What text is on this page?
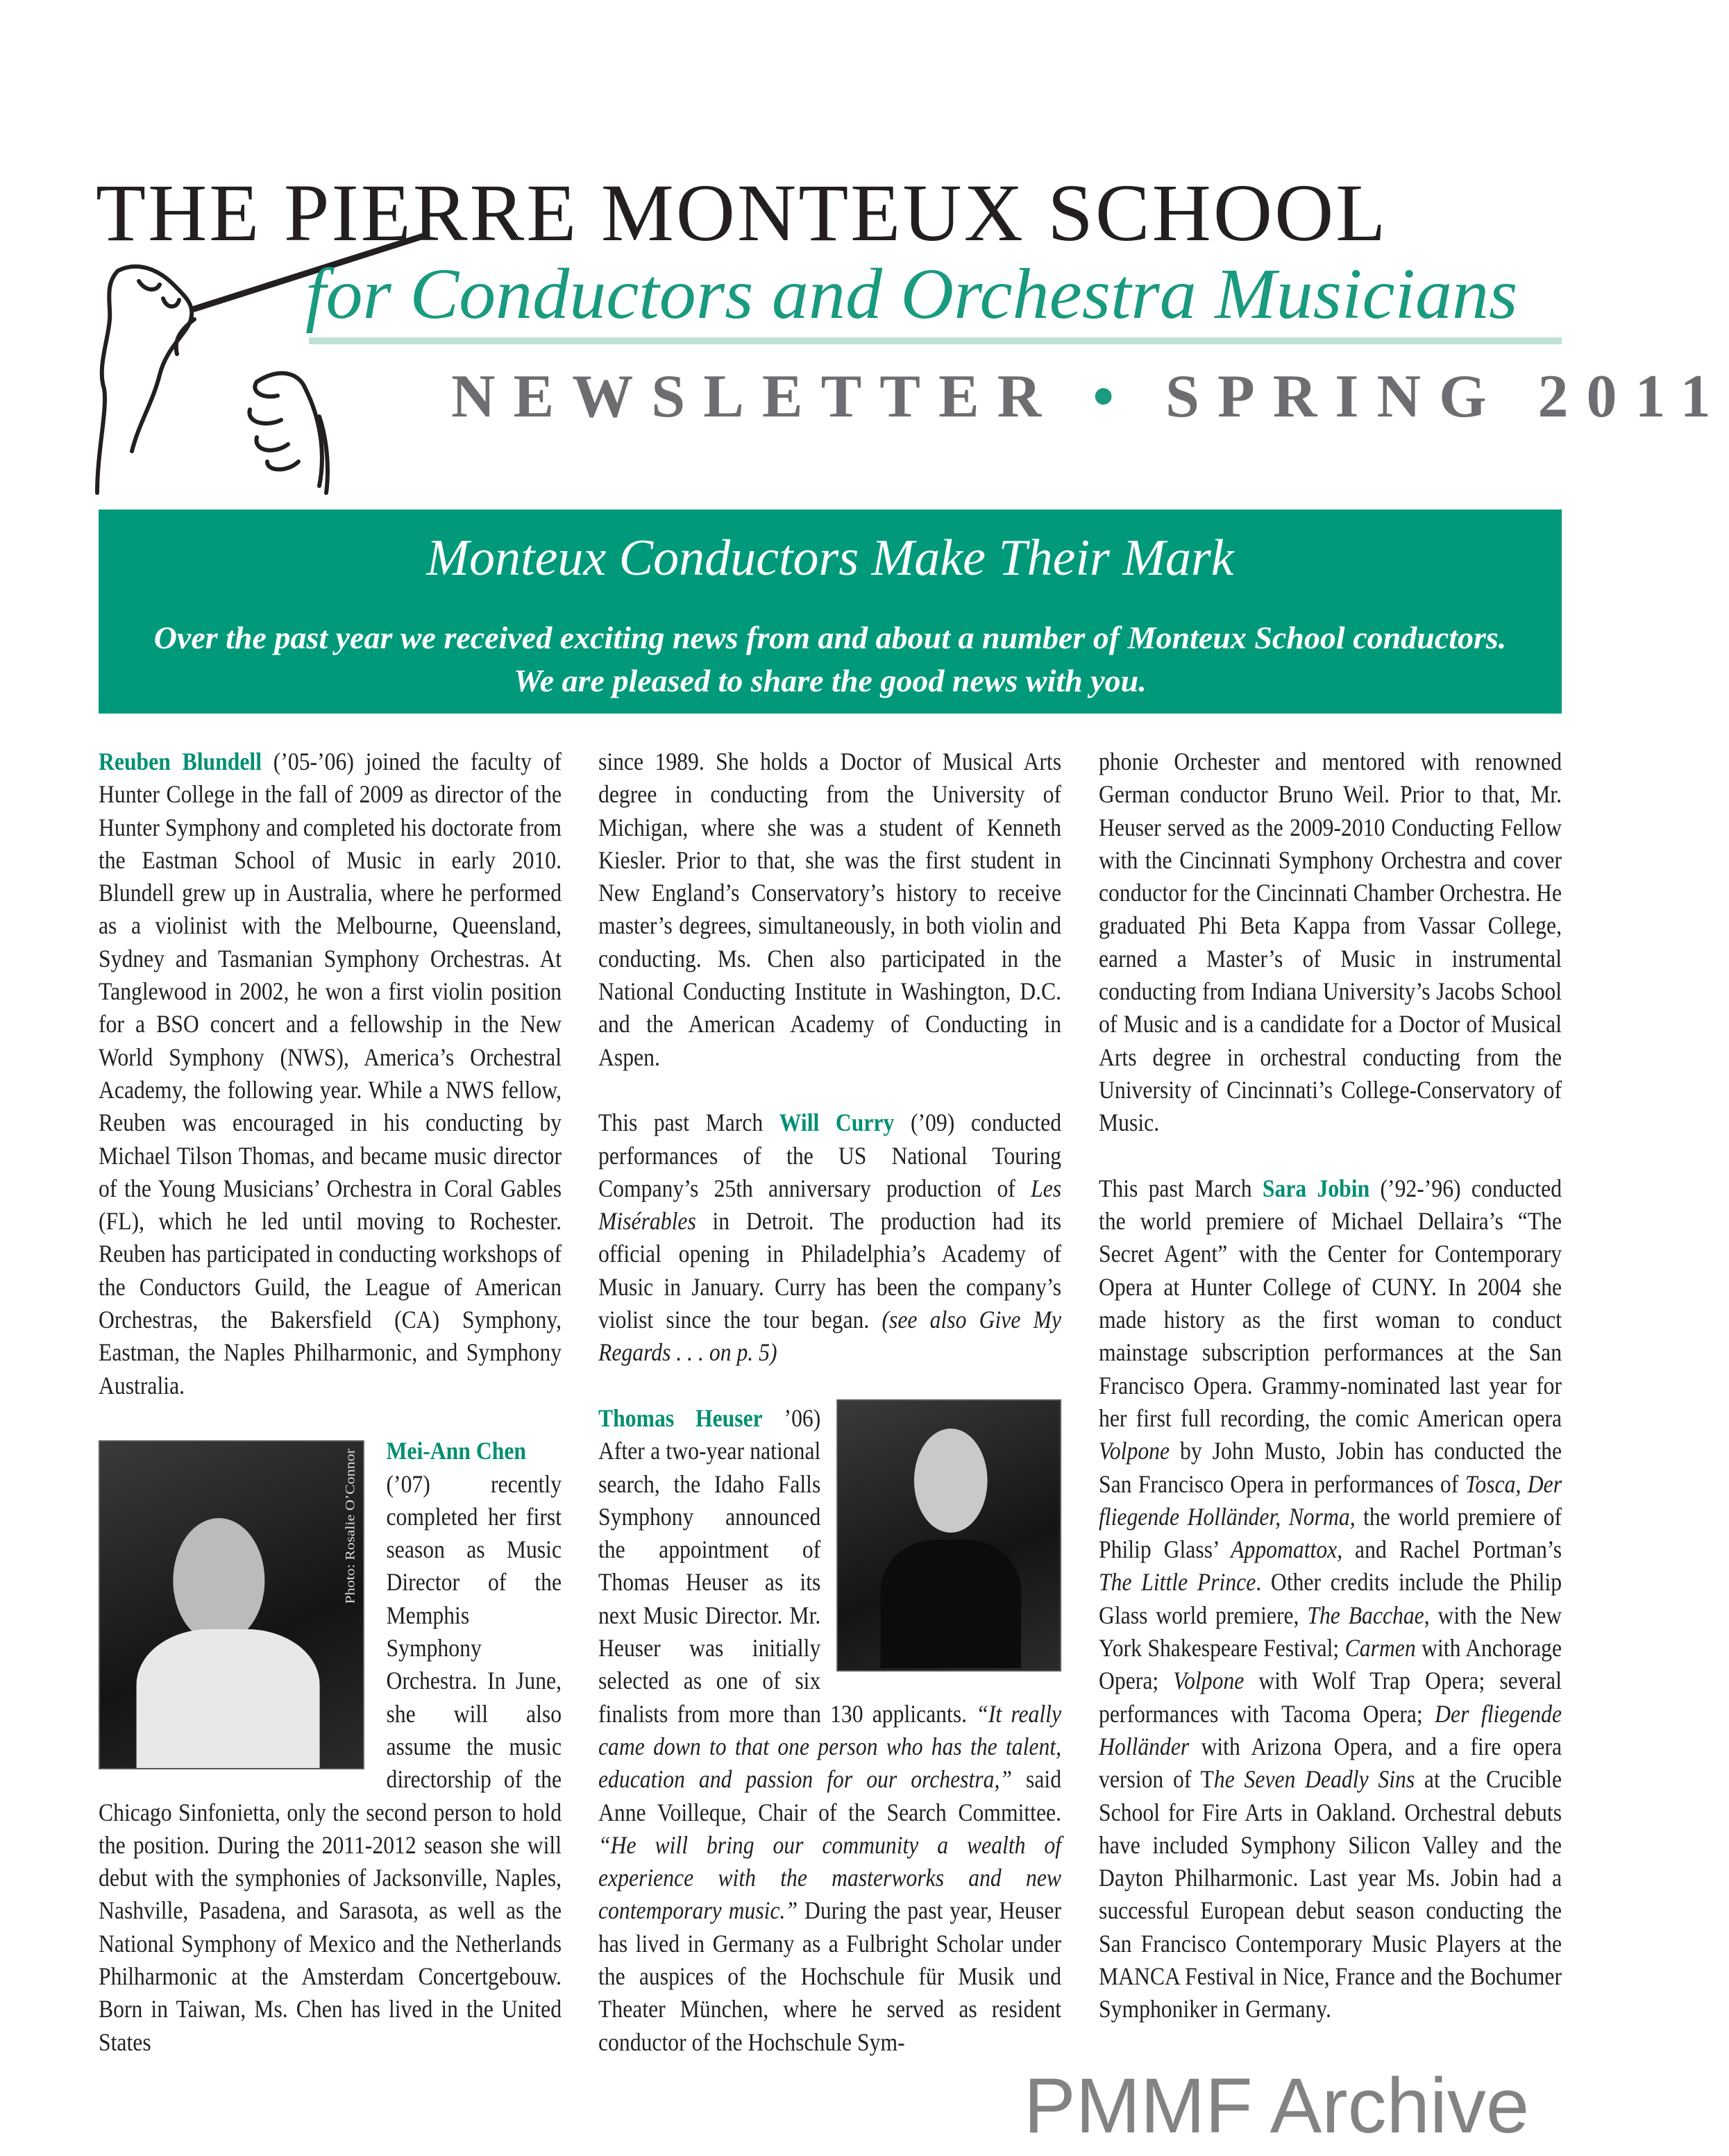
THE PIERRE MONTEUX SCHOOL
for Conductors and Orchestra Musicians
NEWSLETTER • SPRING 2011
Monteux Conductors Make Their Mark
Over the past year we received exciting news from and about a number of Monteux School conductors.
We are pleased to share the good news with you.

Reuben Blundell (’05-’06) joined the faculty of Hunter College in the fall of 2009 as director of the Hunter Symphony and completed his doctorate from the Eastman School of Music in early 2010. Blundell grew up in Australia, where he performed as a violinist with the Melbourne, Queensland, Sydney and Tasmanian Symphony Orchestras. At Tanglewood in 2002, he won a first violin position for a BSO concert and a fellowship in the New World Symphony (NWS), America’s Orchestral Academy, the following year. While a NWS fellow, Reuben was encouraged in his conducting by Michael Tilson Thomas, and became music director of the Young Musicians’ Orchestra in Coral Gables (FL), which he led until moving to Rochester. Reuben has participated in conducting workshops of the Conductors Guild, the League of American Orchestras, the Bakersfield (CA) Symphony, Eastman, the Naples Philharmonic, and Symphony Australia.

Photo: Rosalie O’Connor Mei-Ann Chen
(’07) recently completed her first season as Music Director of the Memphis Symphony Orchestra. In June, she will also assume the music directorship of the Chicago Sinfonietta, only the second person to hold the position. During the 2011-2012 season she will debut with the symphonies of Jacksonville, Naples, Nashville, Pasadena, and Sarasota, as well as the National Symphony of Mexico and the Netherlands Philharmonic at the Amsterdam Concertgebouw. Born in Taiwan, Ms. Chen has lived in the United States

since 1989. She holds a Doctor of Musical Arts degree in conducting from the University of Michigan, where she was a student of Kenneth Kiesler. Prior to that, she was the first student in New England’s Conservatory’s history to receive master’s degrees, simultaneously, in both violin and conducting. Ms. Chen also participated in the National Conducting Institute in Washington, D.C. and the American Academy of Conducting in Aspen.

This past March Will Curry (’09) conducted performances of the US National Touring Company’s 25th anniversary production of Les Misérables in Detroit. The production had its official opening in Philadelphia’s Academy of Music in January. Curry has been the company’s violist since the tour began. (see also Give My Regards . . . on p. 5)

Thomas Heuser ’06) After a two-year national search, the Idaho Falls Symphony announced the appointment of Thomas Heuser as its next Music Director. Mr. Heuser was initially selected as one of six finalists from more than 130 applicants. “It really came down to that one person who has the talent, education and passion for our orchestra,” said Anne Voilleque, Chair of the Search Committee. “He will bring our community a wealth of experience with the masterworks and new contemporary music.” During the past year, Heuser has lived in Germany as a Fulbright Scholar under the auspices of the Hochschule für Musik und Theater München, where he served as resident conductor of the Hochschule Sym-

phonie Orchester and mentored with renowned German conductor Bruno Weil. Prior to that, Mr. Heuser served as the 2009-2010 Conducting Fellow with the Cincinnati Symphony Orchestra and cover conductor for the Cincinnati Chamber Orchestra. He graduated Phi Beta Kappa from Vassar College, earned a Master’s of Music in instrumental conducting from Indiana University’s Jacobs School of Music and is a candidate for a Doctor of Musical Arts degree in orchestral conducting from the University of Cincinnati’s College-Conservatory of Music.

This past March Sara Jobin (’92-’96) conducted the world premiere of Michael Dellaira’s “The Secret Agent” with the Center for Contemporary Opera at Hunter College of CUNY. In 2004 she made history as the first woman to conduct mainstage subscription performances at the San Francisco Opera. Grammy-nominated last year for her first full recording, the comic American opera Volpone by John Musto, Jobin has conducted the San Francisco Opera in performances of Tosca, Der fliegende Holländer, Norma, the world premiere of Philip Glass’ Appomattox, and Rachel Portman’s The Little Prince. Other credits include the Philip Glass world premiere, The Bacchae, with the New York Shakespeare Festival; Carmen with Anchorage Opera; Volpone with Wolf Trap Opera; several performances with Tacoma Opera; Der fliegende Holländer with Arizona Opera, and a fire opera version of The Seven Deadly Sins at the Crucible School for Fire Arts in Oakland. Orchestral debuts have included Symphony Silicon Valley and the Dayton Philharmonic. Last year Ms. Jobin had a successful European debut season conducting the San Francisco Contemporary Music Players at the MANCA Festival in Nice, France and the Bochumer Symphoniker in Germany.

PMMF Archive
